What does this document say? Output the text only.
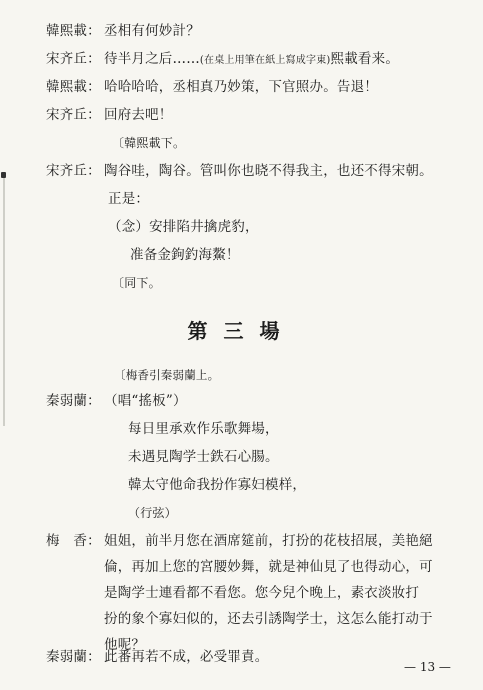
韓熙載： 丞相有何妙計？
宋齐丘： 待半月之后……(在桌上用筆在紙上寫成字東)熙載看来。
韓熙載： 哈哈哈哈，丞相真乃妙策，下官照办。告退！
宋齐丘： 回府去吧！
〔韓熙載下。
宋齐丘： 陶谷哇，陶谷。管叫你也晓不得我主，也还不得宋朝。
正是：
（念）安排陷井擒虎豹，
准备金鉤釣海鰲！
〔同下。
第三場
〔梅香引秦弱蘭上。
秦弱蘭： （唱“搖板”）
每日里承欢作乐歌舞場，
未遇見陶学士鉄石心腸。
韓太守他命我扮作寡妇模样，
（行弦）
梅　香： 姐姐，前半月您在酒席筵前，打扮的花枝招展，美艳絕
倫，再加上您的宮腰妙舞，就是神仙見了也得动心，可
是陶学士連看都不看您。您今兒个晚上，素衣淡妝打
扮的象个寡妇似的，还去引誘陶学士，这怎么能打动于
他呢？
秦弱蘭： 此番再若不成，必受罪責。
— 13 —
